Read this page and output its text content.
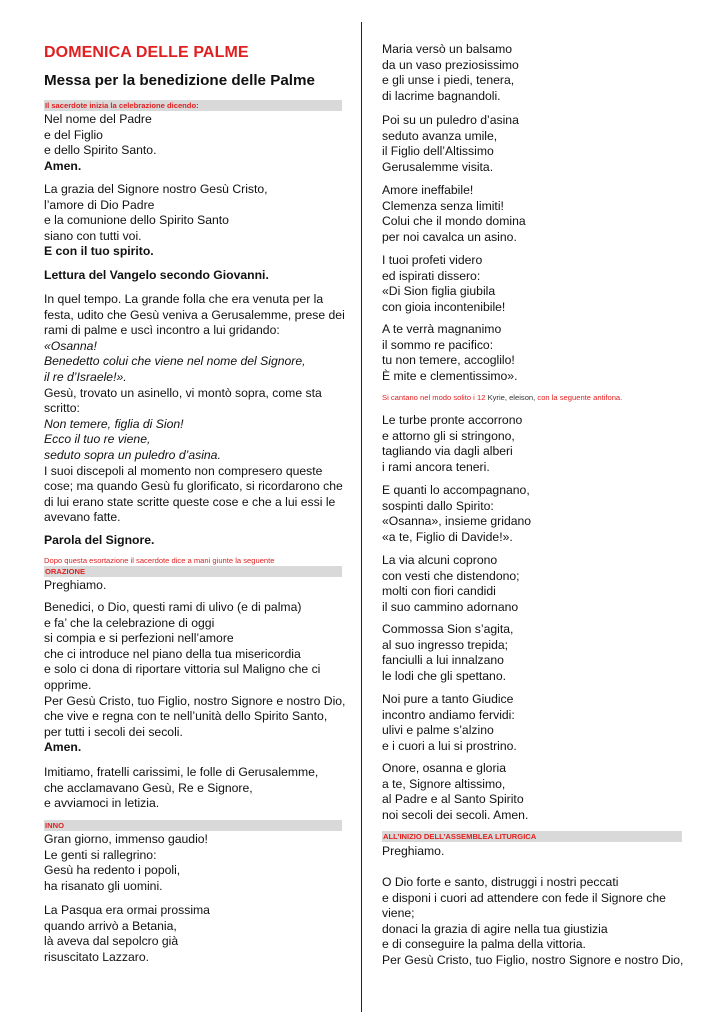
DOMENICA DELLE PALME
Messa per la benedizione delle Palme
Il sacerdote inizia la celebrazione dicendo:
Nel nome del Padre
e del Figlio
e dello Spirito Santo.
Amen.
La grazia del Signore nostro Gesù Cristo,
l’amore di Dio Padre
e la comunione dello Spirito Santo
siano con tutti voi.
E con il tuo spirito.
Lettura del Vangelo secondo Giovanni.
In quel tempo. La grande folla che era venuta per la
festa, udito che Gesù veniva a Gerusalemme, prese dei
rami di palme e uscì incontro a lui gridando:
«Osanna!
Benedetto colui che viene nel nome del Signore,
il re d’Israele!».
Gesù, trovato un asinello, vi montò sopra, come sta
scritto:
Non temere, figlia di Sion!
Ecco il tuo re viene,
seduto sopra un puledro d’asina.
I suoi discepoli al momento non compresero queste
cose; ma quando Gesù fu glorificato, si ricordarono che
di lui erano state scritte queste cose e che a lui essi le
avevano fatte.
Parola del Signore.
Dopo questa esortazione il sacerdote dice a mani giunte la seguente
ORAZIONE
Preghiamo.
Benedici, o Dio, questi rami di ulivo (e di palma)
e fa’ che la celebrazione di oggi
si compia e si perfezioni nell’amore
che ci introduce nel piano della tua misericordia
e solo ci dona di riportare vittoria sul Maligno che ci
opprime.
Per Gesù Cristo, tuo Figlio, nostro Signore e nostro Dio,
che vive e regna con te nell’unità dello Spirito Santo,
per tutti i secoli dei secoli.
Amen.
Imitiamo, fratelli carissimi, le folle di Gerusalemme,
che acclamavano Gesù, Re e Signore,
e avviamoci in letizia.
INNO
Gran giorno, immenso gaudio!
Le genti si rallegrino:
Gesù ha redento i popoli,
ha risanato gli uomini.
La Pasqua era ormai prossima
quando arrivò a Betania,
là aveva dal sepolcro già
risuscitato Lazzaro.
Maria versò un balsamo
da un vaso preziosissimo
e gli unse i piedi, tenera,
di lacrime bagnandoli.
Poi su un puledro d’asina
seduto avanza umile,
il Figlio dell’Altissimo
Gerusalemme visita.
Amore ineffabile!
Clemenza senza limiti!
Colui che il mondo domina
per noi cavalca un asino.
I tuoi profeti videro
ed ispirati dissero:
«Di Sion figlia giubila
con gioia incontenibile!
A te verrà magnanimo
il sommo re pacifico:
tu non temere, accoglilo!
È mite e clementissimo».
Si cantano nel modo solito i 12 Kyrie, eleison, con la seguente antifona.
Le turbe pronte accorrono
e attorno gli si stringono,
tagliando via dagli alberi
i rami ancora teneri.
E quanti lo accompagnano,
sospinti dallo Spirito:
«Osanna», insieme gridano
«a te, Figlio di Davide!».
La via alcuni coprono
con vesti che distendono;
molti con fiori candidi
il suo cammino adornano
Commossa Sion s’agita,
al suo ingresso trepida;
fanciulli a lui innalzano
le lodi che gli spettano.
Noi pure a tanto Giudice
incontro andiamo fervidi:
ulivi e palme s’alzino
e i cuori a lui si prostrino.
Onore, osanna e gloria
a te, Signore altissimo,
al Padre e al Santo Spirito
noi secoli dei secoli. Amen.
ALL’INIZIO DELL’ASSEMBLEA LITURGICA
Preghiamo.
O Dio forte e santo, distruggi i nostri peccati
e disponi i cuori ad attendere con fede il Signore che
viene;
donaci la grazia di agire nella tua giustizia
e di conseguire la palma della vittoria.
Per Gesù Cristo, tuo Figlio, nostro Signore e nostro Dio,
